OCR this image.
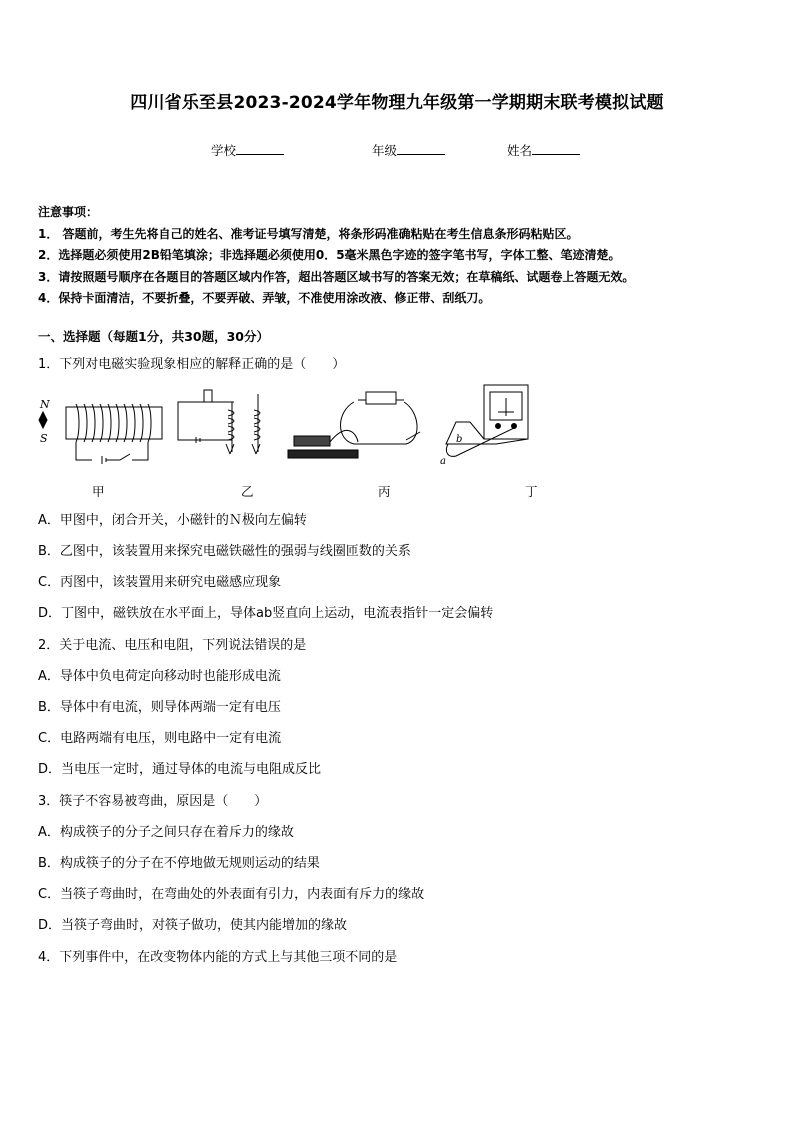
四川省乐至县2023-2024学年物理九年级第一学期期末联考模拟试题
学校	年级	姓名
注意事项：
1． 答题前，考生先将自己的姓名、准考证号填写清楚，将条形码准确粘贴在考生信息条形码粘贴区。
2．选择题必须使用2B铅笔填涂；非选择题必须使用0．5毫米黑色字迹的签字笔书写，字体工整、笔迹清楚。
3．请按照题号顺序在各题目的答题区域内作答，超出答题区域书写的答案无效；在草稿纸、试题卷上答题无效。
4．保持卡面清洁，不要折叠，不要弄破、弄皱，不准使用涂改液、修正带、刮纸刀。
一、选择题（每题1分，共30题，30分）
1．下列对电磁实验现象相应的解释正确的是（　　）
N
S	b
a
甲	乙	丙	丁
A．甲图中，闭合开关，小磁针的Ｎ极向左偏转
B．乙图中，该装置用来探究电磁铁磁性的强弱与线圈匝数的关系
C．丙图中，该装置用来研究电磁感应现象
D．丁图中，磁铁放在水平面上，导体ab竖直向上运动，电流表指针一定会偏转
2．关于电流、电压和电阻，下列说法错误的是
A．导体中负电荷定向移动时也能形成电流
B．导体中有电流，则导体两端一定有电压
C．电路两端有电压，则电路中一定有电流
D．当电压一定时，通过导体的电流与电阻成反比
3．筷子不容易被弯曲，原因是（　　）
A．构成筷子的分子之间只存在着斥力的缘故
B．构成筷子的分子在不停地做无规则运动的结果
C．当筷子弯曲时，在弯曲处的外表面有引力，内表面有斥力的缘故
D．当筷子弯曲时，对筷子做功，使其内能增加的缘故
4．下列事件中，在改变物体内能的方式上与其他三项不同的是
